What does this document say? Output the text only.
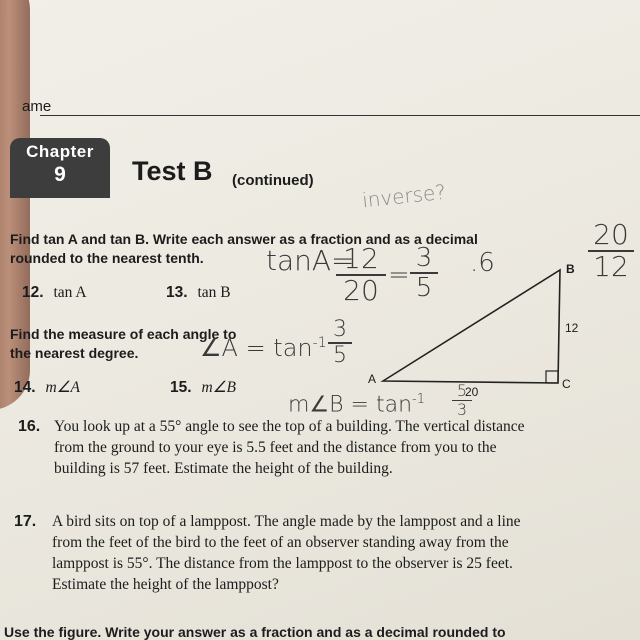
ame
Chapter
9	Test B (continued)
Find tan A and tan B. Write each answer as a fraction and as a decimal
rounded to the nearest tenth.
12. tan A	13. tan B
Find the measure of each angle to
the nearest degree.
14. m∠A	15. m∠B	A
B
C
20
12
16. You look up at a 55° angle to see the top of a building. The vertical distance
from the ground to your eye is 5.5 feet and the distance from you to the
building is 57 feet. Estimate the height of the building.
17. A bird sits on top of a lamppost. The angle made by the lamppost and a line
from the feet of the bird to the feet of an observer standing away from the
lamppost is 55°. The distance from the lamppost to the observer is 25 feet.
Estimate the height of the lamppost?
Use the figure. Write your answer as a fraction and as a decimal rounded to
inverse?
tanA=
12
20 =
3
5
.6
20
12
∠A = $\tan^{-1}$
3
5
m∠B = $\tan^{-1}$	5
3
